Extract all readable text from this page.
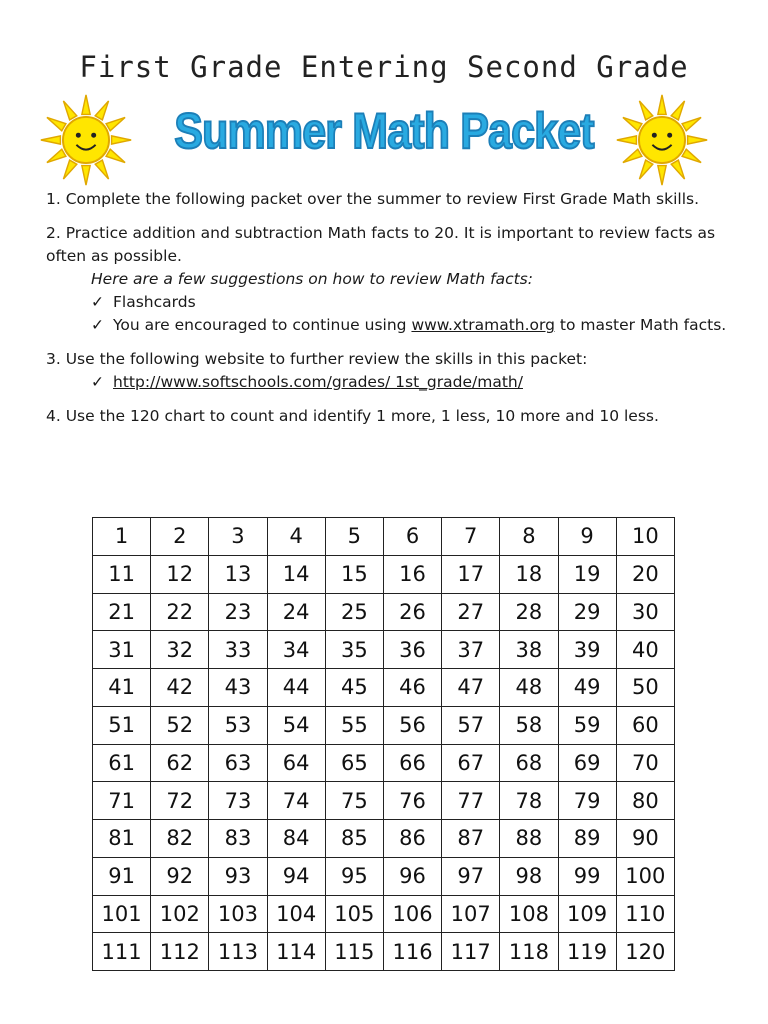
First Grade Entering Second Grade
Summer Math Packet

1. Complete the following packet over the summer to review First Grade Math skills.

2. Practice addition and subtraction Math facts to 20. It is important to review facts as often as possible.

Here are a few suggestions on how to review Math facts:
✓ Flashcards
✓ You are encouraged to continue using www.xtramath.org to master Math facts.

3. Use the following website to further review the skills in this packet:

✓ http://www.softschools.com/grades/ 1st_grade/math/

4. Use the 120 chart to count and identify 1 more, 1 less, 10 more and 10 less.

1	2	3	4	5	6	7	8	9	10
11	12	13	14	15	16	17	18	19	20
21	22	23	24	25	26	27	28	29	30
31	32	33	34	35	36	37	38	39	40
41	42	43	44	45	46	47	48	49	50
51	52	53	54	55	56	57	58	59	60
61	62	63	64	65	66	67	68	69	70
71	72	73	74	75	76	77	78	79	80
81	82	83	84	85	86	87	88	89	90
91	92	93	94	95	96	97	98	99	100
101	102	103	104	105	106	107	108	109	110
111	112	113	114	115	116	117	118	119	120
